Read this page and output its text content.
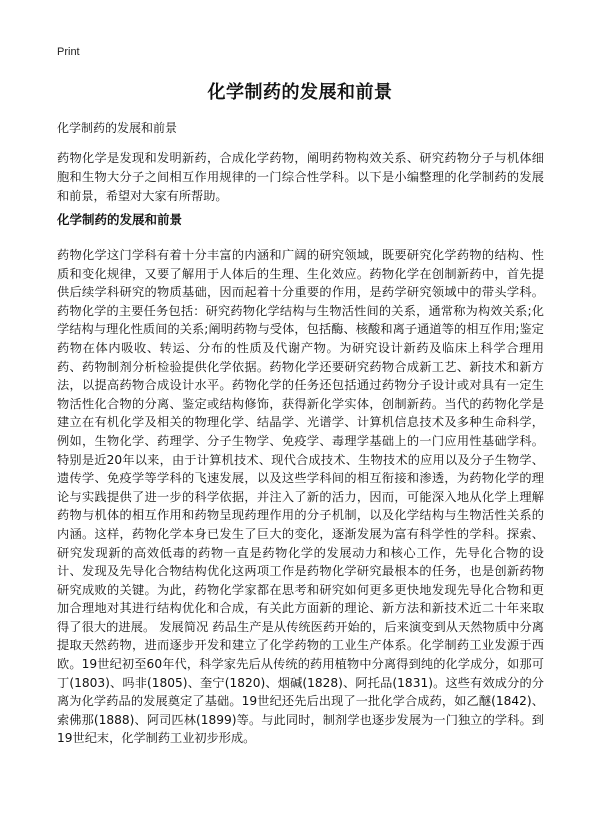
Print
化学制药的发展和前景

化学制药的发展和前景

药物化学是发现和发明新药，合成化学药物，阐明药物构效关系、研究药物分子与机体细胞和生物大分子之间相互作用规律的一门综合性学科。以下是小编整理的化学制药的发展和前景，希望对大家有所帮助。

化学制药的发展和前景

药物化学这门学科有着十分丰富的内涵和广阔的研究领域，既要研究化学药物的结构、性质和变化规律，又要了解用于人体后的生理、生化效应。药物化学在创制新药中，首先提供后续学科研究的物质基础，因而起着十分重要的作用，是药学研究领域中的带头学科。药物化学的主要任务包括：研究药物化学结构与生物活性间的关系，通常称为构效关系;化学结构与理化性质间的关系;阐明药物与受体，包括酶、核酸和离子通道等的相互作用;鉴定药物在体内吸收、转运、分布的性质及代谢产物。为研究设计新药及临床上科学合理用药、药物制剂分析检验提供化学依据。药物化学还要研究药物合成新工艺、新技术和新方法，以提高药物合成设计水平。药物化学的任务还包括通过药物分子设计或对具有一定生物活性化合物的分离、鉴定或结构修饰，获得新化学实体，创制新药。当代的药物化学是建立在有机化学及相关的物理化学、结晶学、光谱学、计算机信息技术及多种生命科学，例如，生物化学、药理学、分子生物学、免疫学、毒理学基础上的一门应用性基础学科。特别是近20年以来，由于计算机技术、现代合成技术、生物技术的应用以及分子生物学、遗传学、免疫学等学科的飞速发展，以及这些学科间的相互衔接和渗透，为药物化学的理论与实践提供了进一步的科学依据，并注入了新的活力，因而，可能深入地从化学上理解药物与机体的相互作用和药物呈现药理作用的分子机制，以及化学结构与生物活性关系的内涵。这样，药物化学本身已发生了巨大的变化，逐渐发展为富有科学性的学科。探索、研究发现新的高效低毒的药物一直是药物化学的发展动力和核心工作，先导化合物的设计、发现及先导化合物结构优化这两项工作是药物化学研究最根本的任务，也是创新药物研究成败的关键。为此，药物化学家都在思考和研究如何更多更快地发现先导化合物和更加合理地对其进行结构优化和合成，有关此方面新的理论、新方法和新技术近二十年来取得了很大的进展。 发展简况 药品生产是从传统医药开始的，后来演变到从天然物质中分离提取天然药物，进而逐步开发和建立了化学药物的工业生产体系。化学制药工业发源于西欧。19世纪初至60年代，科学家先后从传统的药用植物中分离得到纯的化学成分，如那可丁(1803)、吗非(1805)、奎宁(1820)、烟碱(1828)、阿托品(1831)。这些有效成分的分离为化学药品的发展奠定了基础。19世纪还先后出现了一批化学合成药，如乙醚(1842)、索佛那(1888)、阿司匹林(1899)等。与此同时，制剂学也逐步发展为一门独立的学科。到19世纪末，化学制药工业初步形成。
